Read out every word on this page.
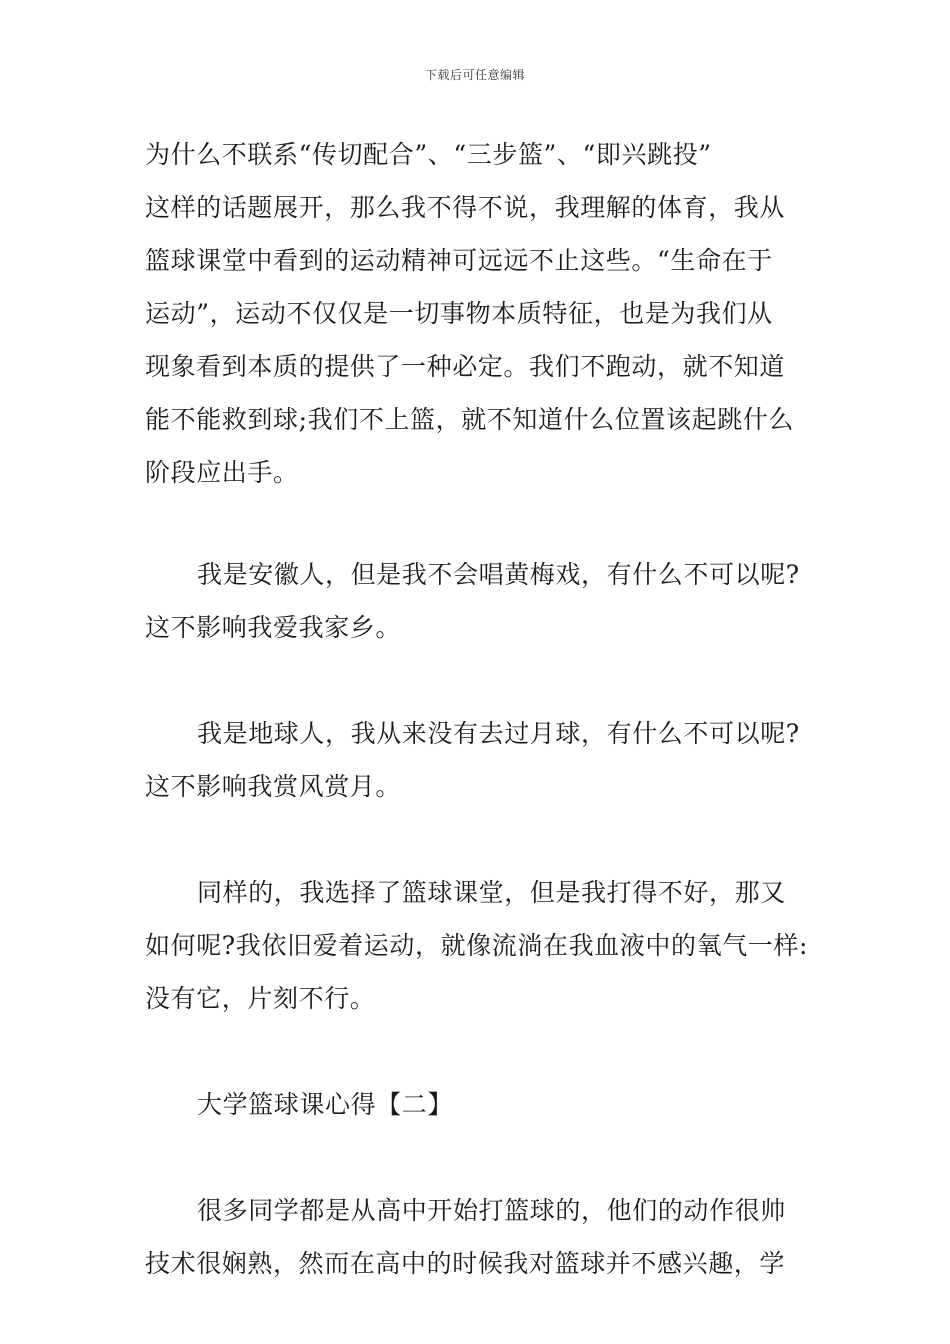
下载后可任意编辑

为什么不联系“传切配合”、“三步篮”、“即兴跳投”
这样的话题展开，那么我不得不说，我理解的体育，我从
篮球课堂中看到的运动精神可远远不止这些。“生命在于
运动”，运动不仅仅是一切事物本质特征，也是为我们从
现象看到本质的提供了一种必定。我们不跑动，就不知道
能不能救到球;我们不上篮，就不知道什么位置该起跳什么
阶段应出手。

我是安徽人，但是我不会唱黄梅戏，有什么不可以呢?
这不影响我爱我家乡。

我是地球人，我从来没有去过月球，有什么不可以呢?
这不影响我赏风赏月。

同样的，我选择了篮球课堂，但是我打得不好，那又
如何呢?我依旧爱着运动，就像流淌在我血液中的氧气一样:
没有它，片刻不行。

大学篮球课心得【二】

很多同学都是从高中开始打篮球的，他们的动作很帅
技术很娴熟，然而在高中的时候我对篮球并不感兴趣，学
